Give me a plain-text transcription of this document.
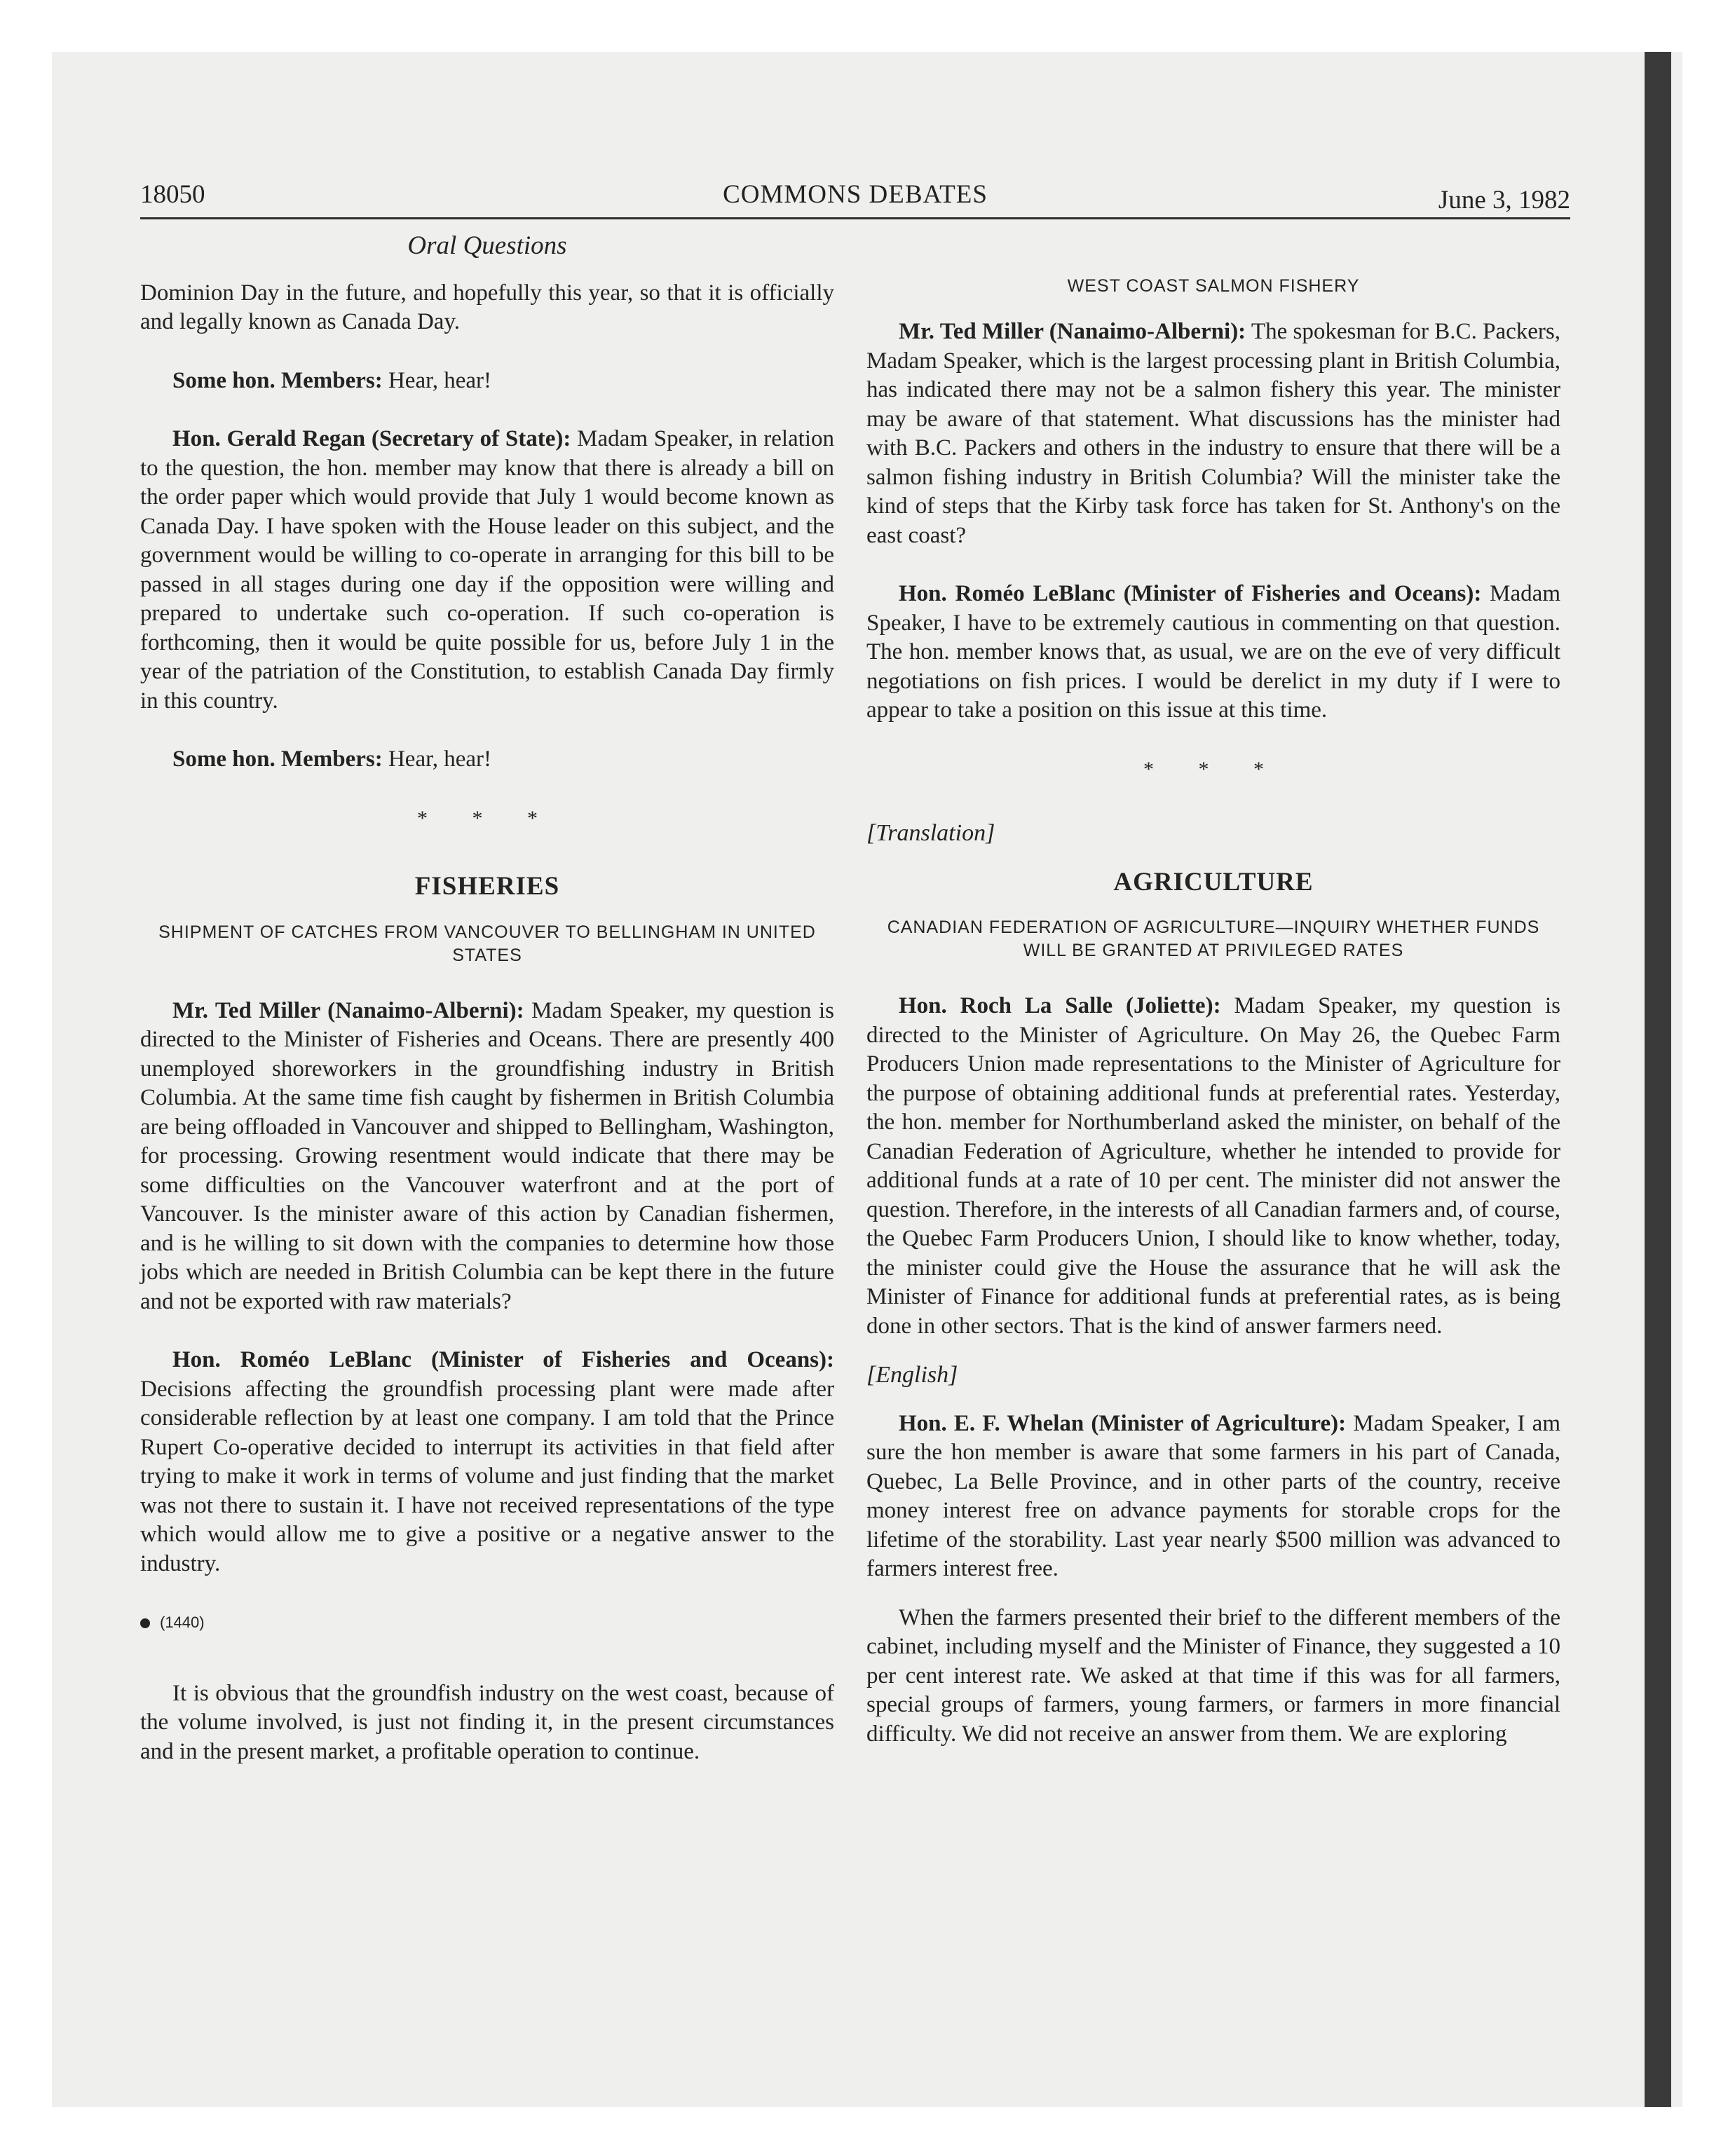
18050	COMMONS DEBATES	June 3, 1982
Oral Questions

Dominion Day in the future, and hopefully this year, so that it is officially and legally known as Canada Day.

Some hon. Members: Hear, hear!

Hon. Gerald Regan (Secretary of State): Madam Speaker, in relation to the question, the hon. member may know that there is already a bill on the order paper which would provide that July 1 would become known as Canada Day. I have spoken with the House leader on this subject, and the government would be willing to co-operate in arranging for this bill to be passed in all stages during one day if the opposition were willing and prepared to undertake such co-operation. If such co-operation is forthcoming, then it would be quite possible for us, before July 1 in the year of the patriation of the Constitution, to establish Canada Day firmly in this country.

Some hon. Members: Hear, hear!

* * *
FISHERIES
SHIPMENT OF CATCHES FROM VANCOUVER TO BELLINGHAM IN UNITED STATES

Mr. Ted Miller (Nanaimo-Alberni): Madam Speaker, my question is directed to the Minister of Fisheries and Oceans. There are presently 400 unemployed shoreworkers in the groundfishing industry in British Columbia. At the same time fish caught by fishermen in British Columbia are being offloaded in Vancouver and shipped to Bellingham, Washington, for processing. Growing resentment would indicate that there may be some difficulties on the Vancouver waterfront and at the port of Vancouver. Is the minister aware of this action by Canadian fishermen, and is he willing to sit down with the companies to determine how those jobs which are needed in British Columbia can be kept there in the future and not be exported with raw materials?

Hon. Roméo LeBlanc (Minister of Fisheries and Oceans): Decisions affecting the groundfish processing plant were made after considerable reflection by at least one company. I am told that the Prince Rupert Co-operative decided to interrupt its activities in that field after trying to make it work in terms of volume and just finding that the market was not there to sustain it. I have not received representations of the type which would allow me to give a positive or a negative answer to the industry.

(1440)

It is obvious that the groundfish industry on the west coast, because of the volume involved, is just not finding it, in the present circumstances and in the present market, a profitable operation to continue.

WEST COAST SALMON FISHERY

Mr. Ted Miller (Nanaimo-Alberni): The spokesman for B.C. Packers, Madam Speaker, which is the largest processing plant in British Columbia, has indicated there may not be a salmon fishery this year. The minister may be aware of that statement. What discussions has the minister had with B.C. Packers and others in the industry to ensure that there will be a salmon fishing industry in British Columbia? Will the minister take the kind of steps that the Kirby task force has taken for St. Anthony's on the east coast?

Hon. Roméo LeBlanc (Minister of Fisheries and Oceans): Madam Speaker, I have to be extremely cautious in commenting on that question. The hon. member knows that, as usual, we are on the eve of very difficult negotiations on fish prices. I would be derelict in my duty if I were to appear to take a position on this issue at this time.

* * *
[Translation]
AGRICULTURE
CANADIAN FEDERATION OF AGRICULTURE—INQUIRY WHETHER FUNDS WILL BE GRANTED AT PRIVILEGED RATES

Hon. Roch La Salle (Joliette): Madam Speaker, my question is directed to the Minister of Agriculture. On May 26, the Quebec Farm Producers Union made representations to the Minister of Agriculture for the purpose of obtaining additional funds at preferential rates. Yesterday, the hon. member for Northumberland asked the minister, on behalf of the Canadian Federation of Agriculture, whether he intended to provide for additional funds at a rate of 10 per cent. The minister did not answer the question. Therefore, in the interests of all Canadian farmers and, of course, the Quebec Farm Producers Union, I should like to know whether, today, the minister could give the House the assurance that he will ask the Minister of Finance for additional funds at preferential rates, as is being done in other sectors. That is the kind of answer farmers need.

[English]

Hon. E. F. Whelan (Minister of Agriculture): Madam Speaker, I am sure the hon member is aware that some farmers in his part of Canada, Quebec, La Belle Province, and in other parts of the country, receive money interest free on advance payments for storable crops for the lifetime of the storability. Last year nearly $500 million was advanced to farmers interest free.

When the farmers presented their brief to the different members of the cabinet, including myself and the Minister of Finance, they suggested a 10 per cent interest rate. We asked at that time if this was for all farmers, special groups of farmers, young farmers, or farmers in more financial difficulty. We did not receive an answer from them. We are exploring
